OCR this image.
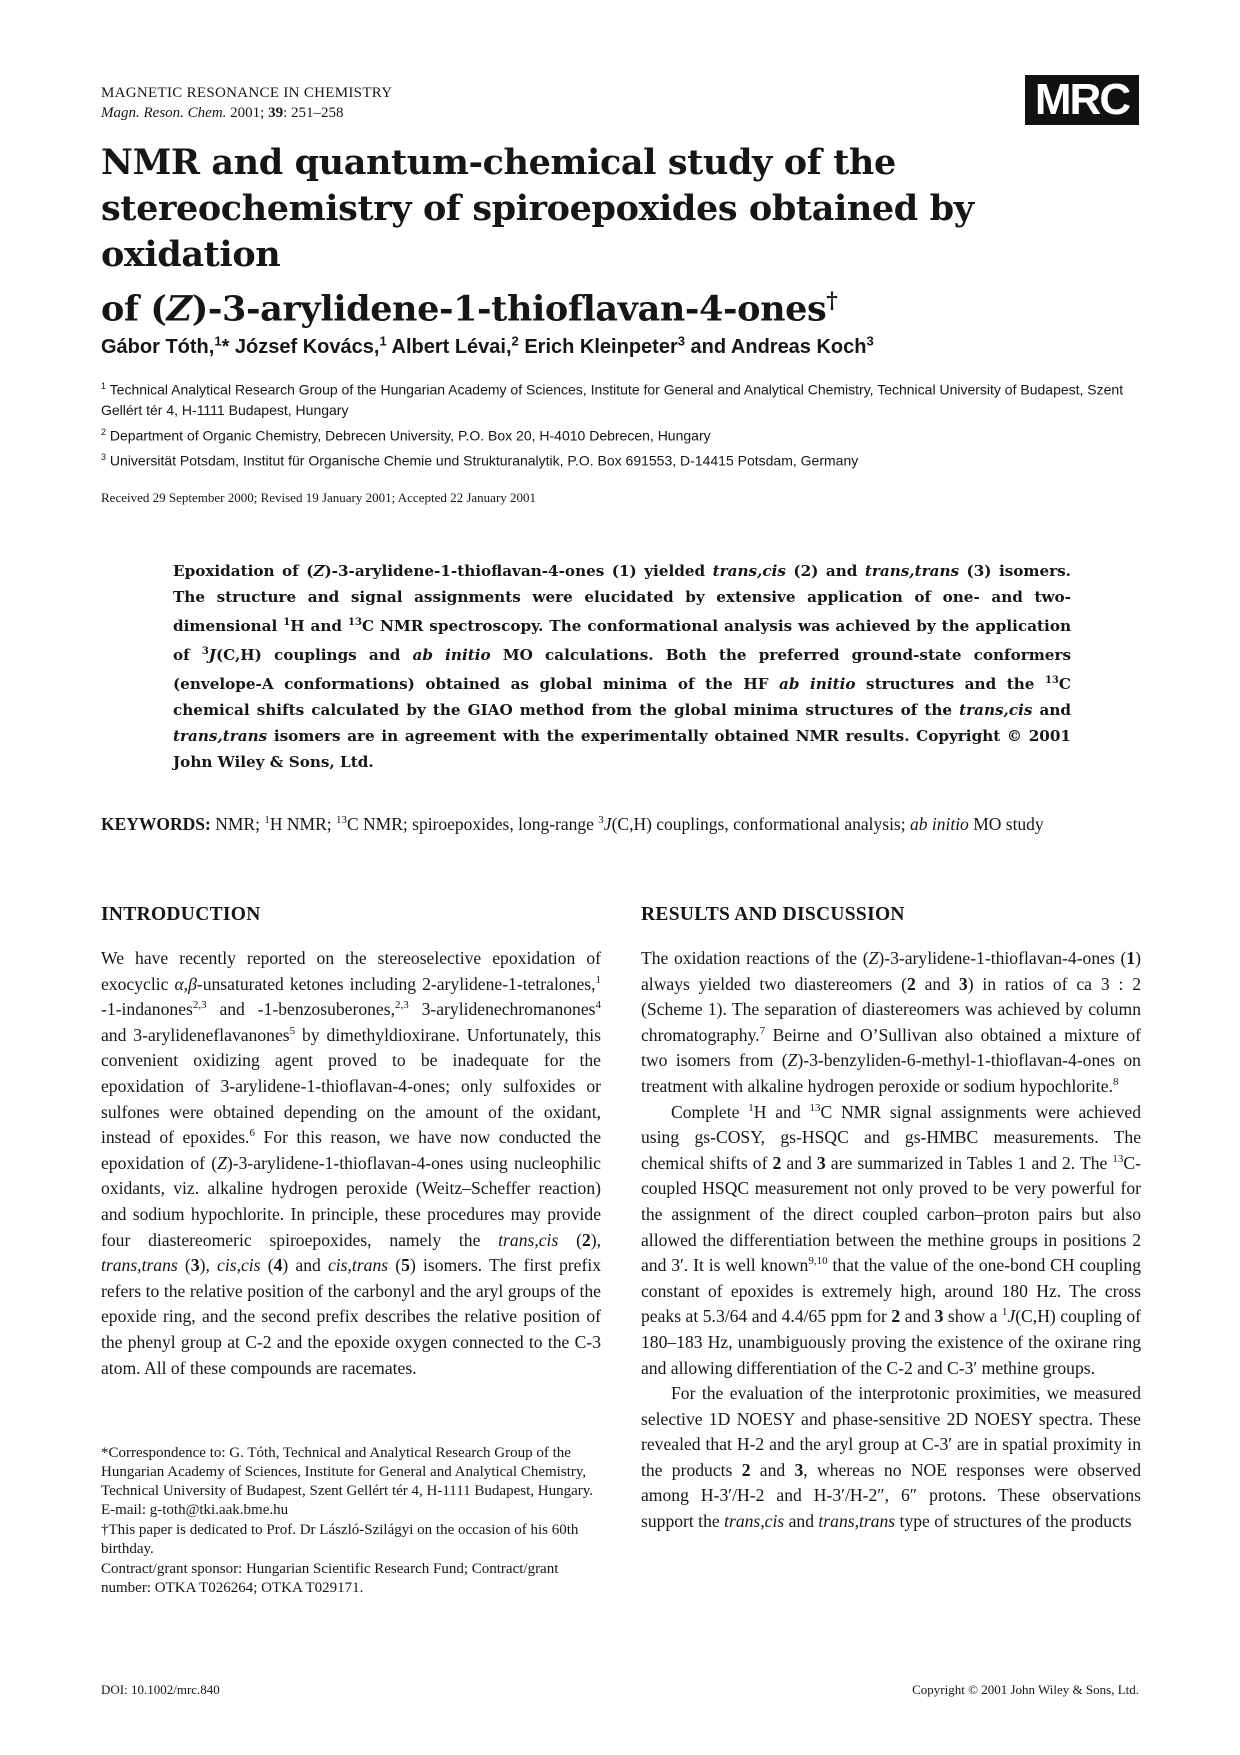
MAGNETIC RESONANCE IN CHEMISTRY
Magn. Reson. Chem. 2001; 39: 251–258	MRC
NMR and quantum-chemical study of the
stereochemistry of spiroepoxides obtained by oxidation
of (Z)-3-arylidene-1-thioflavan-4-ones†
Gábor Tóth,$^1$* József Kovács,$^1$ Albert Lévai,$^2$ Erich Kleinpeter$^3$ and Andreas Koch$^3$
$^1$ Technical Analytical Research Group of the Hungarian Academy of Sciences, Institute for General and Analytical Chemistry, Technical University of Budapest, Szent Gellért tér 4, H-1111 Budapest, Hungary
$^2$ Department of Organic Chemistry, Debrecen University, P.O. Box 20, H-4010 Debrecen, Hungary
$^3$ Universität Potsdam, Institut für Organische Chemie und Strukturanalytik, P.O. Box 691553, D-14415 Potsdam, Germany
Received 29 September 2000; Revised 19 January 2001; Accepted 22 January 2001
Epoxidation of (Z)-3-arylidene-1-thioflavan-4-ones (1) yielded trans,cis (2) and trans,trans (3) isomers. The structure and signal assignments were elucidated by extensive application of one- and two-dimensional $^1$H and $^{13}$C NMR spectroscopy. The conformational analysis was achieved by the application of $^3$J(C,H) couplings and ab initio MO calculations. Both the preferred ground-state conformers (envelope-A conformations) obtained as global minima of the HF ab initio structures and the $^{13}$C chemical shifts calculated by the GIAO method from the global minima structures of the trans,cis and trans,trans isomers are in agreement with the experimentally obtained NMR results. Copyright © 2001 John Wiley & Sons, Ltd.
KEYWORDS: NMR; $^1$H NMR; $^{13}$C NMR; spiroepoxides, long-range $^3$J(C,H) couplings, conformational analysis; ab initio MO study
INTRODUCTION

We have recently reported on the stereoselective epoxidation of exocyclic α,β-unsaturated ketones including 2-arylidene-1-tetralones,$^1$ -1-indanones$^{2,3}$ and -1-benzosuberones,$^{2,3}$ 3-arylidenechromanones$^4$ and 3-arylideneflavanones$^5$ by dimethyldioxirane. Unfortunately, this convenient oxidizing agent proved to be inadequate for the epoxidation of 3-arylidene-1-thioflavan-4-ones; only sulfoxides or sulfones were obtained depending on the amount of the oxidant, instead of epoxides.$^6$ For this reason, we have now conducted the epoxidation of (Z)-3-arylidene-1-thioflavan-4-ones using nucleophilic oxidants, viz. alkaline hydrogen peroxide (Weitz–Scheffer reaction) and sodium hypochlorite. In principle, these procedures may provide four diastereomeric spiroepoxides, namely the trans,cis (2), trans,trans (3), cis,cis (4) and cis,trans (5) isomers. The first prefix refers to the relative position of the carbonyl and the aryl groups of the epoxide ring, and the second prefix describes the relative position of the phenyl group at C-2 and the epoxide oxygen connected to the C-3 atom. All of these compounds are racemates.

*Correspondence to: G. Tóth, Technical and Analytical Research Group of the Hungarian Academy of Sciences, Institute for General and Analytical Chemistry, Technical University of Budapest, Szent Gellért tér 4, H-1111 Budapest, Hungary. E-mail: g-toth@tki.aak.bme.hu

†This paper is dedicated to Prof. Dr László-Szilágyi on the occasion of his 60th birthday.

Contract/grant sponsor: Hungarian Scientific Research Fund; Contract/grant number: OTKA T026264; OTKA T029171.

RESULTS AND DISCUSSION

The oxidation reactions of the (Z)-3-arylidene-1-thioflavan-4-ones (1) always yielded two diastereomers (2 and 3) in ratios of ca 3 : 2 (Scheme 1). The separation of diastereomers was achieved by column chromatography.$^7$ Beirne and O’Sullivan also obtained a mixture of two isomers from (Z)-3-benzyliden-6-methyl-1-thioflavan-4-ones on treatment with alkaline hydrogen peroxide or sodium hypochlorite.$^8$

Complete $^1$H and $^{13}$C NMR signal assignments were achieved using gs-COSY, gs-HSQC and gs-HMBC measurements. The chemical shifts of 2 and 3 are summarized in Tables 1 and 2. The $^{13}$C-coupled HSQC measurement not only proved to be very powerful for the assignment of the direct coupled carbon–proton pairs but also allowed the differentiation between the methine groups in positions 2 and 3′. It is well known$^{9,10}$ that the value of the one-bond CH coupling constant of epoxides is extremely high, around 180 Hz. The cross peaks at 5.3/64 and 4.4/65 ppm for 2 and 3 show a $^1$J(C,H) coupling of 180–183 Hz, unambiguously proving the existence of the oxirane ring and allowing differentiation of the C-2 and C-3′ methine groups.

For the evaluation of the interprotonic proximities, we measured selective 1D NOESY and phase-sensitive 2D NOESY spectra. These revealed that H-2 and the aryl group at C-3′ are in spatial proximity in the products 2 and 3, whereas no NOE responses were observed among H-3′/H-2 and H-3′/H-2″, 6″ protons. These observations support the trans,cis and trans,trans type of structures of the products

DOI: 10.1002/mrc.840	Copyright © 2001 John Wiley & Sons, Ltd.
